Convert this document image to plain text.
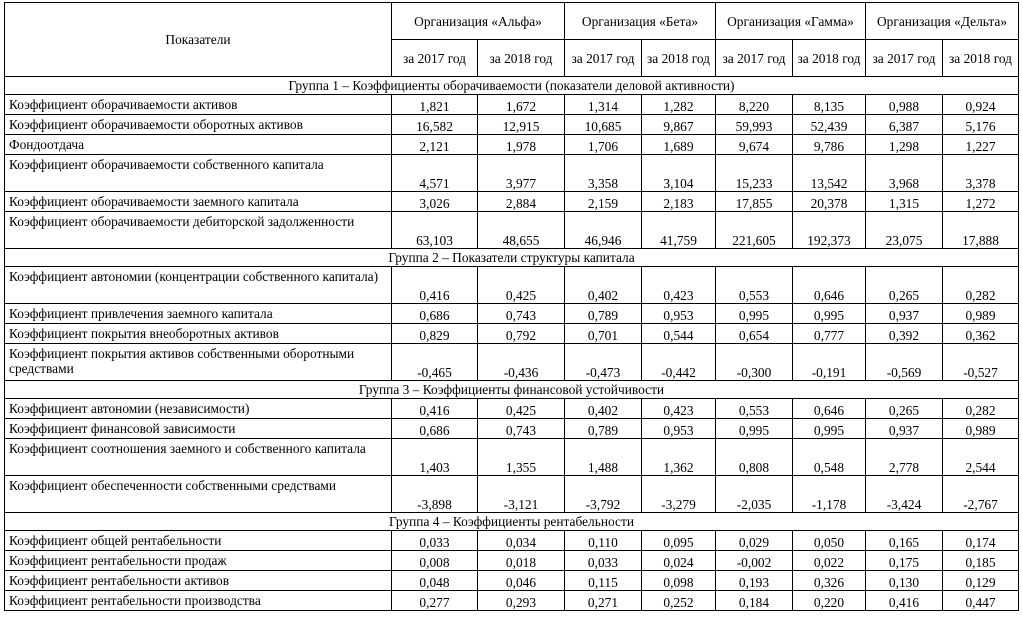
Показатели	Организация «Альфа»		Организация «Бета»		Организация «Гамма»		Организация «Дельта»	
	за 2017 год	за 2018 год	за 2017 год	за 2018 год	за 2017 год	за 2018 год	за 2017 год	за 2018 год
Группа 1 – Коэффициенты оборачиваемости (показатели деловой активности)								
Коэффициент оборачиваемости активов	1,821	1,672	1,314	1,282	8,220	8,135	0,988	0,924
Коэффициент оборачиваемости оборотных активов	16,582	12,915	10,685	9,867	59,993	52,439	6,387	5,176
Фондоотдача	2,121	1,978	1,706	1,689	9,674	9,786	1,298	1,227
Коэффициент оборачиваемости собственного капитала	4,571	3,977	3,358	3,104	15,233	13,542	3,968	3,378
Коэффициент оборачиваемости заемного капитала	3,026	2,884	2,159	2,183	17,855	20,378	1,315	1,272
Коэффициент оборачиваемости дебиторской задолженности	63,103	48,655	46,946	41,759	221,605	192,373	23,075	17,888
Группа 2 – Показатели структуры капитала								
Коэффициент автономии (концентрации собственного капитала)	0,416	0,425	0,402	0,423	0,553	0,646	0,265	0,282
Коэффициент привлечения заемного капитала	0,686	0,743	0,789	0,953	0,995	0,995	0,937	0,989
Коэффициент покрытия внеоборотных активов	0,829	0,792	0,701	0,544	0,654	0,777	0,392	0,362
Коэффициент покрытия активов собственными оборотными средствами	-0,465	-0,436	-0,473	-0,442	-0,300	-0,191	-0,569	-0,527
Группа 3 – Коэффициенты финансовой устойчивости								
Коэффициент автономии (независимости)	0,416	0,425	0,402	0,423	0,553	0,646	0,265	0,282
Коэффициент финансовой зависимости	0,686	0,743	0,789	0,953	0,995	0,995	0,937	0,989
Коэффициент соотношения заемного и собственного капитала	1,403	1,355	1,488	1,362	0,808	0,548	2,778	2,544
Коэффициент обеспеченности собственными средствами	-3,898	-3,121	-3,792	-3,279	-2,035	-1,178	-3,424	-2,767
Группа 4 – Коэффициенты рентабельности								
Коэффициент общей рентабельности	0,033	0,034	0,110	0,095	0,029	0,050	0,165	0,174
Коэффициент рентабельности продаж	0,008	0,018	0,033	0,024	-0,002	0,022	0,175	0,185
Коэффициент рентабельности активов	0,048	0,046	0,115	0,098	0,193	0,326	0,130	0,129
Коэффициент рентабельности производства	0,277	0,293	0,271	0,252	0,184	0,220	0,416	0,447
